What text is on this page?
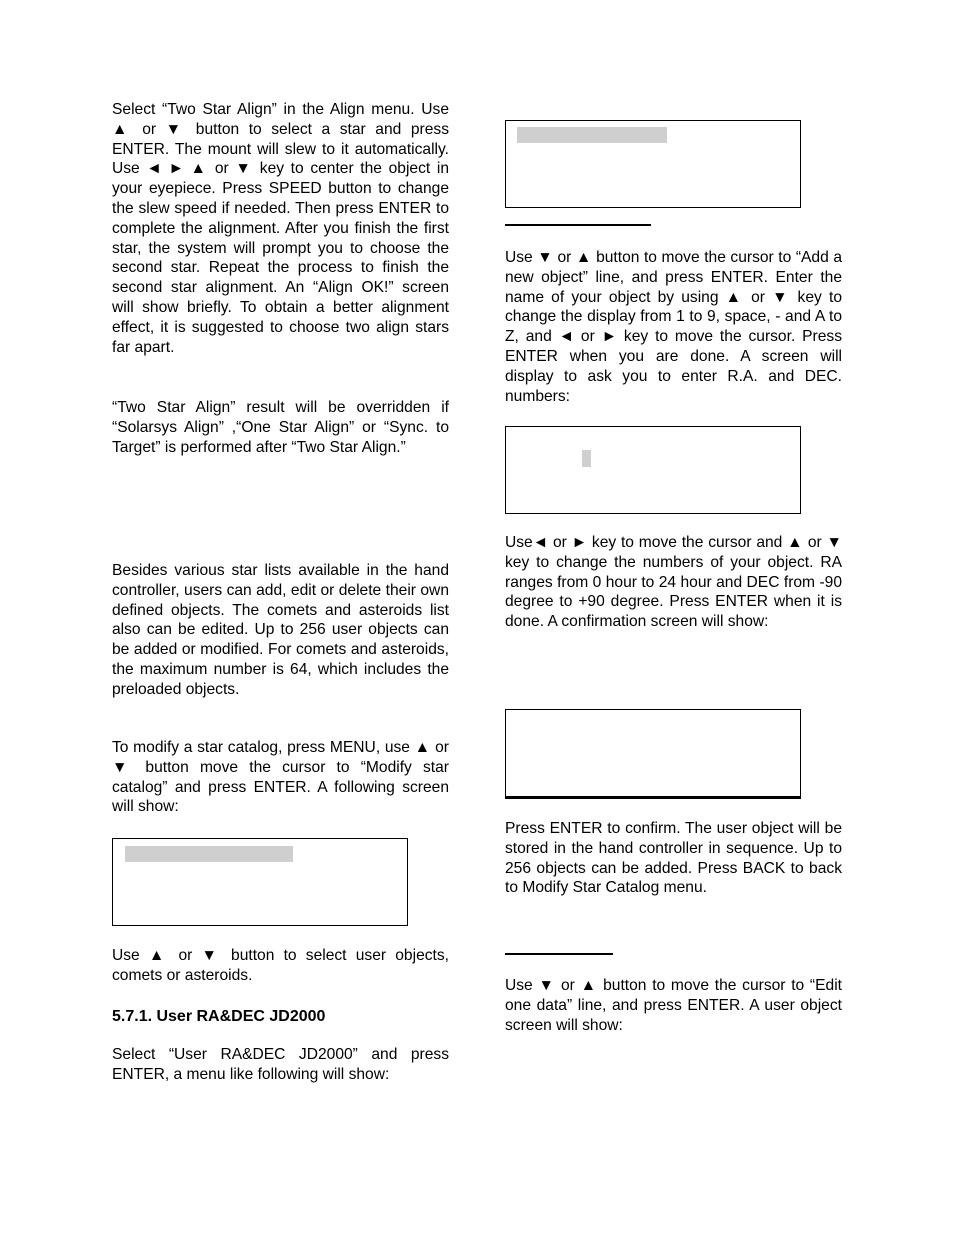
Select “Two Star Align” in the Align menu. Use ▲ or ▼ button to select a star and press ENTER. The mount will slew to it automatically. Use ◄ ► ▲ or ▼ key to center the object in your eyepiece. Press SPEED button to change the slew speed if needed. Then press ENTER to complete the alignment. After you finish the first star, the system will prompt you to choose the second star. Repeat the process to finish the second star alignment. An “Align OK!” screen will show briefly. To obtain a better alignment effect, it is suggested to choose two align stars far apart.

“Two Star Align” result will be overridden if “Solarsys Align” ,“One Star Align” or “Sync. to Target” is performed after “Two Star Align.”

Besides various star lists available in the hand controller, users can add, edit or delete their own defined objects. The comets and asteroids list also can be edited. Up to 256 user objects can be added or modified. For comets and asteroids, the maximum number is 64, which includes the preloaded objects.

To modify a star catalog, press MENU, use ▲ or ▼ button move the cursor to “Modify star catalog” and press ENTER. A following screen will show:

Use ▲ or ▼ button to select user objects, comets or asteroids.

5.7.1. User RA&DEC JD2000

Select “User RA&DEC JD2000” and press ENTER, a menu like following will show:

Use ▼ or ▲ button to move the cursor to “Add a new object” line, and press ENTER. Enter the name of your object by using ▲ or ▼ key to change the display from 1 to 9, space, - and A to Z, and ◄ or ► key to move the cursor. Press ENTER when you are done. A screen will display to ask you to enter R.A. and DEC. numbers:

Use◄ or ► key to move the cursor and ▲ or ▼ key to change the numbers of your object. RA ranges from 0 hour to 24 hour and DEC from -90 degree to +90 degree. Press ENTER when it is done. A confirmation screen will show:

Press ENTER to confirm. The user object will be stored in the hand controller in sequence. Up to 256 objects can be added. Press BACK to back to Modify Star Catalog menu.

Use ▼ or ▲ button to move the cursor to “Edit one data” line, and press ENTER. A user object screen will show:
